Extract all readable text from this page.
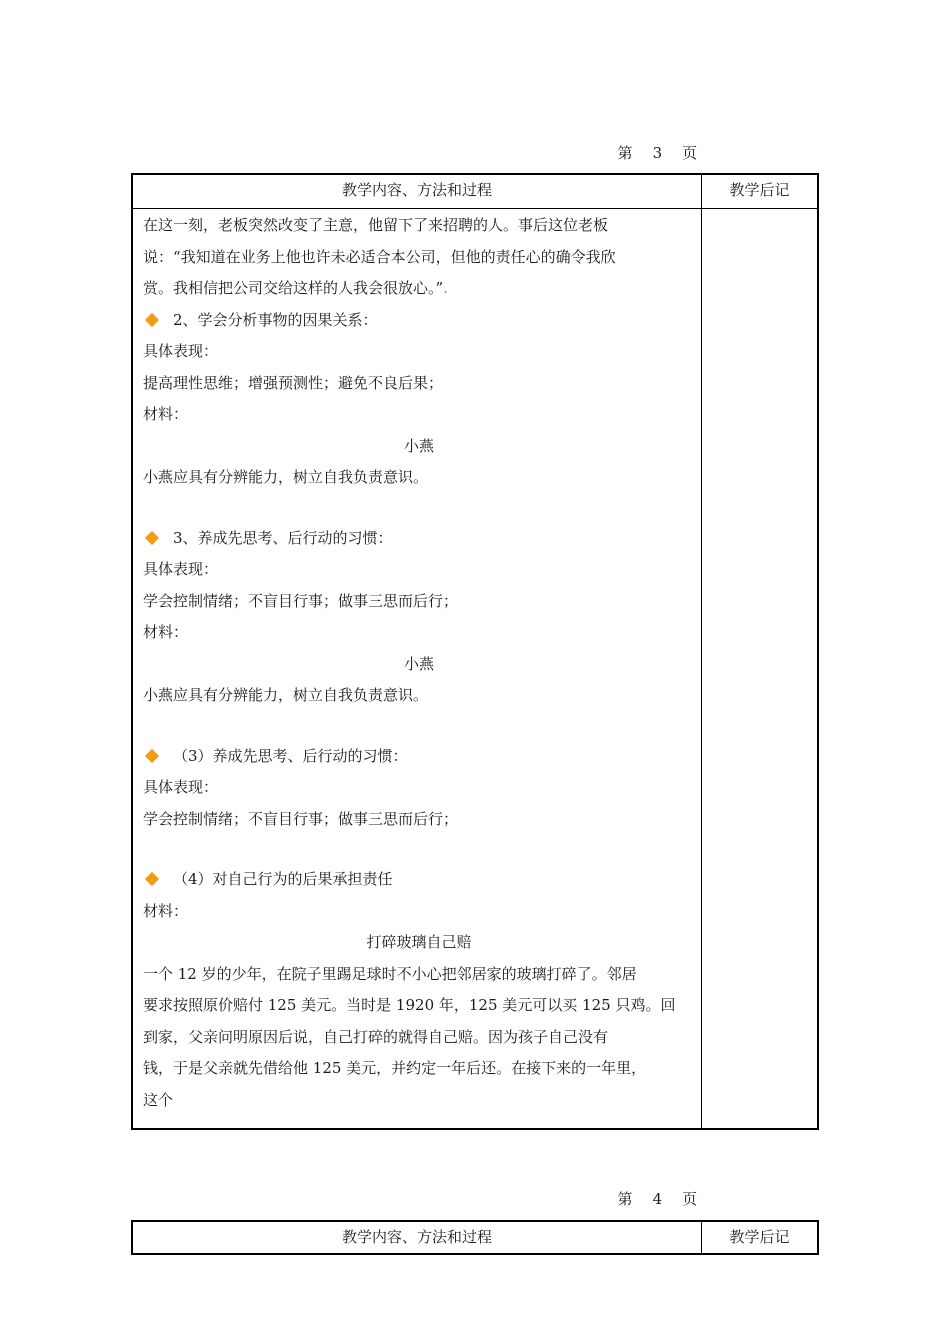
第 3 页

教学内容、方法和过程	教学后记
在这一刻，老板突然改变了主意，他留下了来招聘的人。事后这位老板
说：“我知道在业务上他也许未必适合本公司，但他的责任心的确令我欣
赏。我相信把公司交给这样的人我会很放心。”.
2、学会分析事物的因果关系：
具体表现：
提高理性思维；增强预测性；避免不良后果；
材料：
小燕
小燕应具有分辨能力，树立自我负责意识。
3、养成先思考、后行动的习惯：
具体表现：
学会控制情绪；不盲目行事；做事三思而后行；
材料：
小燕
小燕应具有分辨能力，树立自我负责意识。
（3）养成先思考、后行动的习惯：
具体表现：
学会控制情绪；不盲目行事；做事三思而后行；
（4）对自己行为的后果承担责任
材料：
打碎玻璃自己赔
一个 12 岁的少年，在院子里踢足球时不小心把邻居家的玻璃打碎了。邻居
要求按照原价赔付 125 美元。当时是 1920 年，125 美元可以买 125 只鸡。回
到家，父亲问明原因后说，自己打碎的就得自己赔。因为孩子自己没有
钱，于是父亲就先借给他 125 美元，并约定一年后还。在接下来的一年里，
这个

第 4 页

教学内容、方法和过程	教学后记
